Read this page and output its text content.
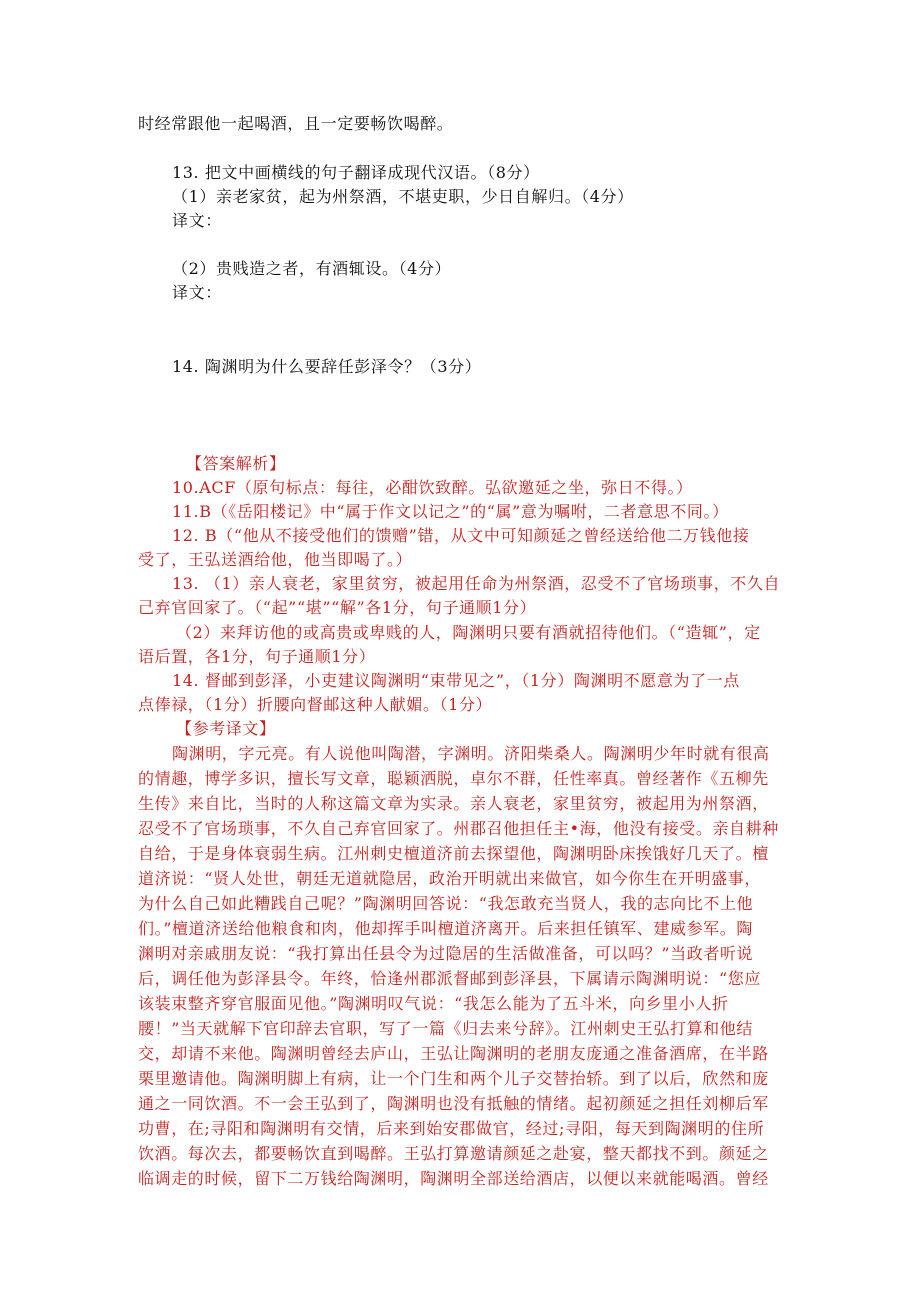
时经常跟他一起喝酒，且一定要畅饮喝醉。
13. 把文中画横线的句子翻译成现代汉语。（8分）
（1）亲老家贫，起为州祭酒，不堪吏职，少日自解归。（4分）
译文：
（2）贵贱造之者，有酒辄设。（4分）
译文：
14. 陶渊明为什么要辞任彭泽令？（3分）
【答案解析】
10.ACF（原句标点：每往，必酣饮致醉。弘欲邀延之坐，弥日不得。）
11.B（《岳阳楼记》中“属于作文以记之”的“属”意为嘱咐，二者意思不同。）
12. B（“他从不接受他们的馈赠”错，从文中可知颜延之曾经送给他二万钱他接
受了，王弘送酒给他，他当即喝了。）
13. （1）亲人衰老，家里贫穷，被起用任命为州祭酒，忍受不了官场琐事，不久自
己弃官回家了。（“起”“堪”“解”各1分，句子通顺1分）
（2）来拜访他的或高贵或卑贱的人，陶渊明只要有酒就招待他们。（“造辄”，定
语后置，各1分，句子通顺1分）
14. 督邮到彭泽，小吏建议陶渊明“束带见之”，（1分）陶渊明不愿意为了一点
点俸禄，（1分）折腰向督邮这种人献媚。（1分）
【参考译文】
陶渊明，字元亮。有人说他叫陶潜，字渊明。济阳柴桑人。陶渊明少年时就有很高
的情趣，博学多识，擅长写文章，聪颖洒脱，卓尔不群，任性率真。曾经著作《五柳先
生传》来自比，当时的人称这篇文章为实录。亲人衰老，家里贫穷，被起用为州祭酒，
忍受不了官场琐事，不久自己弃官回家了。州郡召他担任主•海，他没有接受。亲自耕种
自给，于是身体衰弱生病。江州刺史檀道济前去探望他，陶渊明卧床挨饿好几天了。檀
道济说：“贤人处世，朝廷无道就隐居，政治开明就出来做官，如今你生在开明盛事，
为什么自己如此糟践自己呢？”陶渊明回答说：“我怎敢充当贤人，我的志向比不上他
们。”檀道济送给他粮食和肉，他却挥手叫檀道济离开。后来担任镇军、建威参军。陶
渊明对亲戚朋友说：“我打算出任县令为过隐居的生活做准备，可以吗？”当政者听说
后，调任他为彭泽县令。年终，恰逢州郡派督邮到彭泽县，下属请示陶渊明说：“您应
该装束整齐穿官服面见他。”陶渊明叹气说：“我怎么能为了五斗米，向乡里小人折
腰！”当天就解下官印辞去官职，写了一篇《归去来兮辞》。江州刺史王弘打算和他结
交，却请不来他。陶渊明曾经去庐山，王弘让陶渊明的老朋友庞通之准备酒席，在半路
栗里邀请他。陶渊明脚上有病，让一个门生和两个儿子交替抬轿。到了以后，欣然和庞
通之一同饮酒。不一会王弘到了，陶渊明也没有抵触的情绪。起初颜延之担任刘柳后军
功曹，在;寻阳和陶渊明有交情，后来到始安郡做官，经过;寻阳，每天到陶渊明的住所
饮酒。每次去，都要畅饮直到喝醉。王弘打算邀请颜延之赴宴，整天都找不到。颜延之
临调走的时候，留下二万钱给陶渊明，陶渊明全部送给酒店，以便以来就能喝酒。曾经
